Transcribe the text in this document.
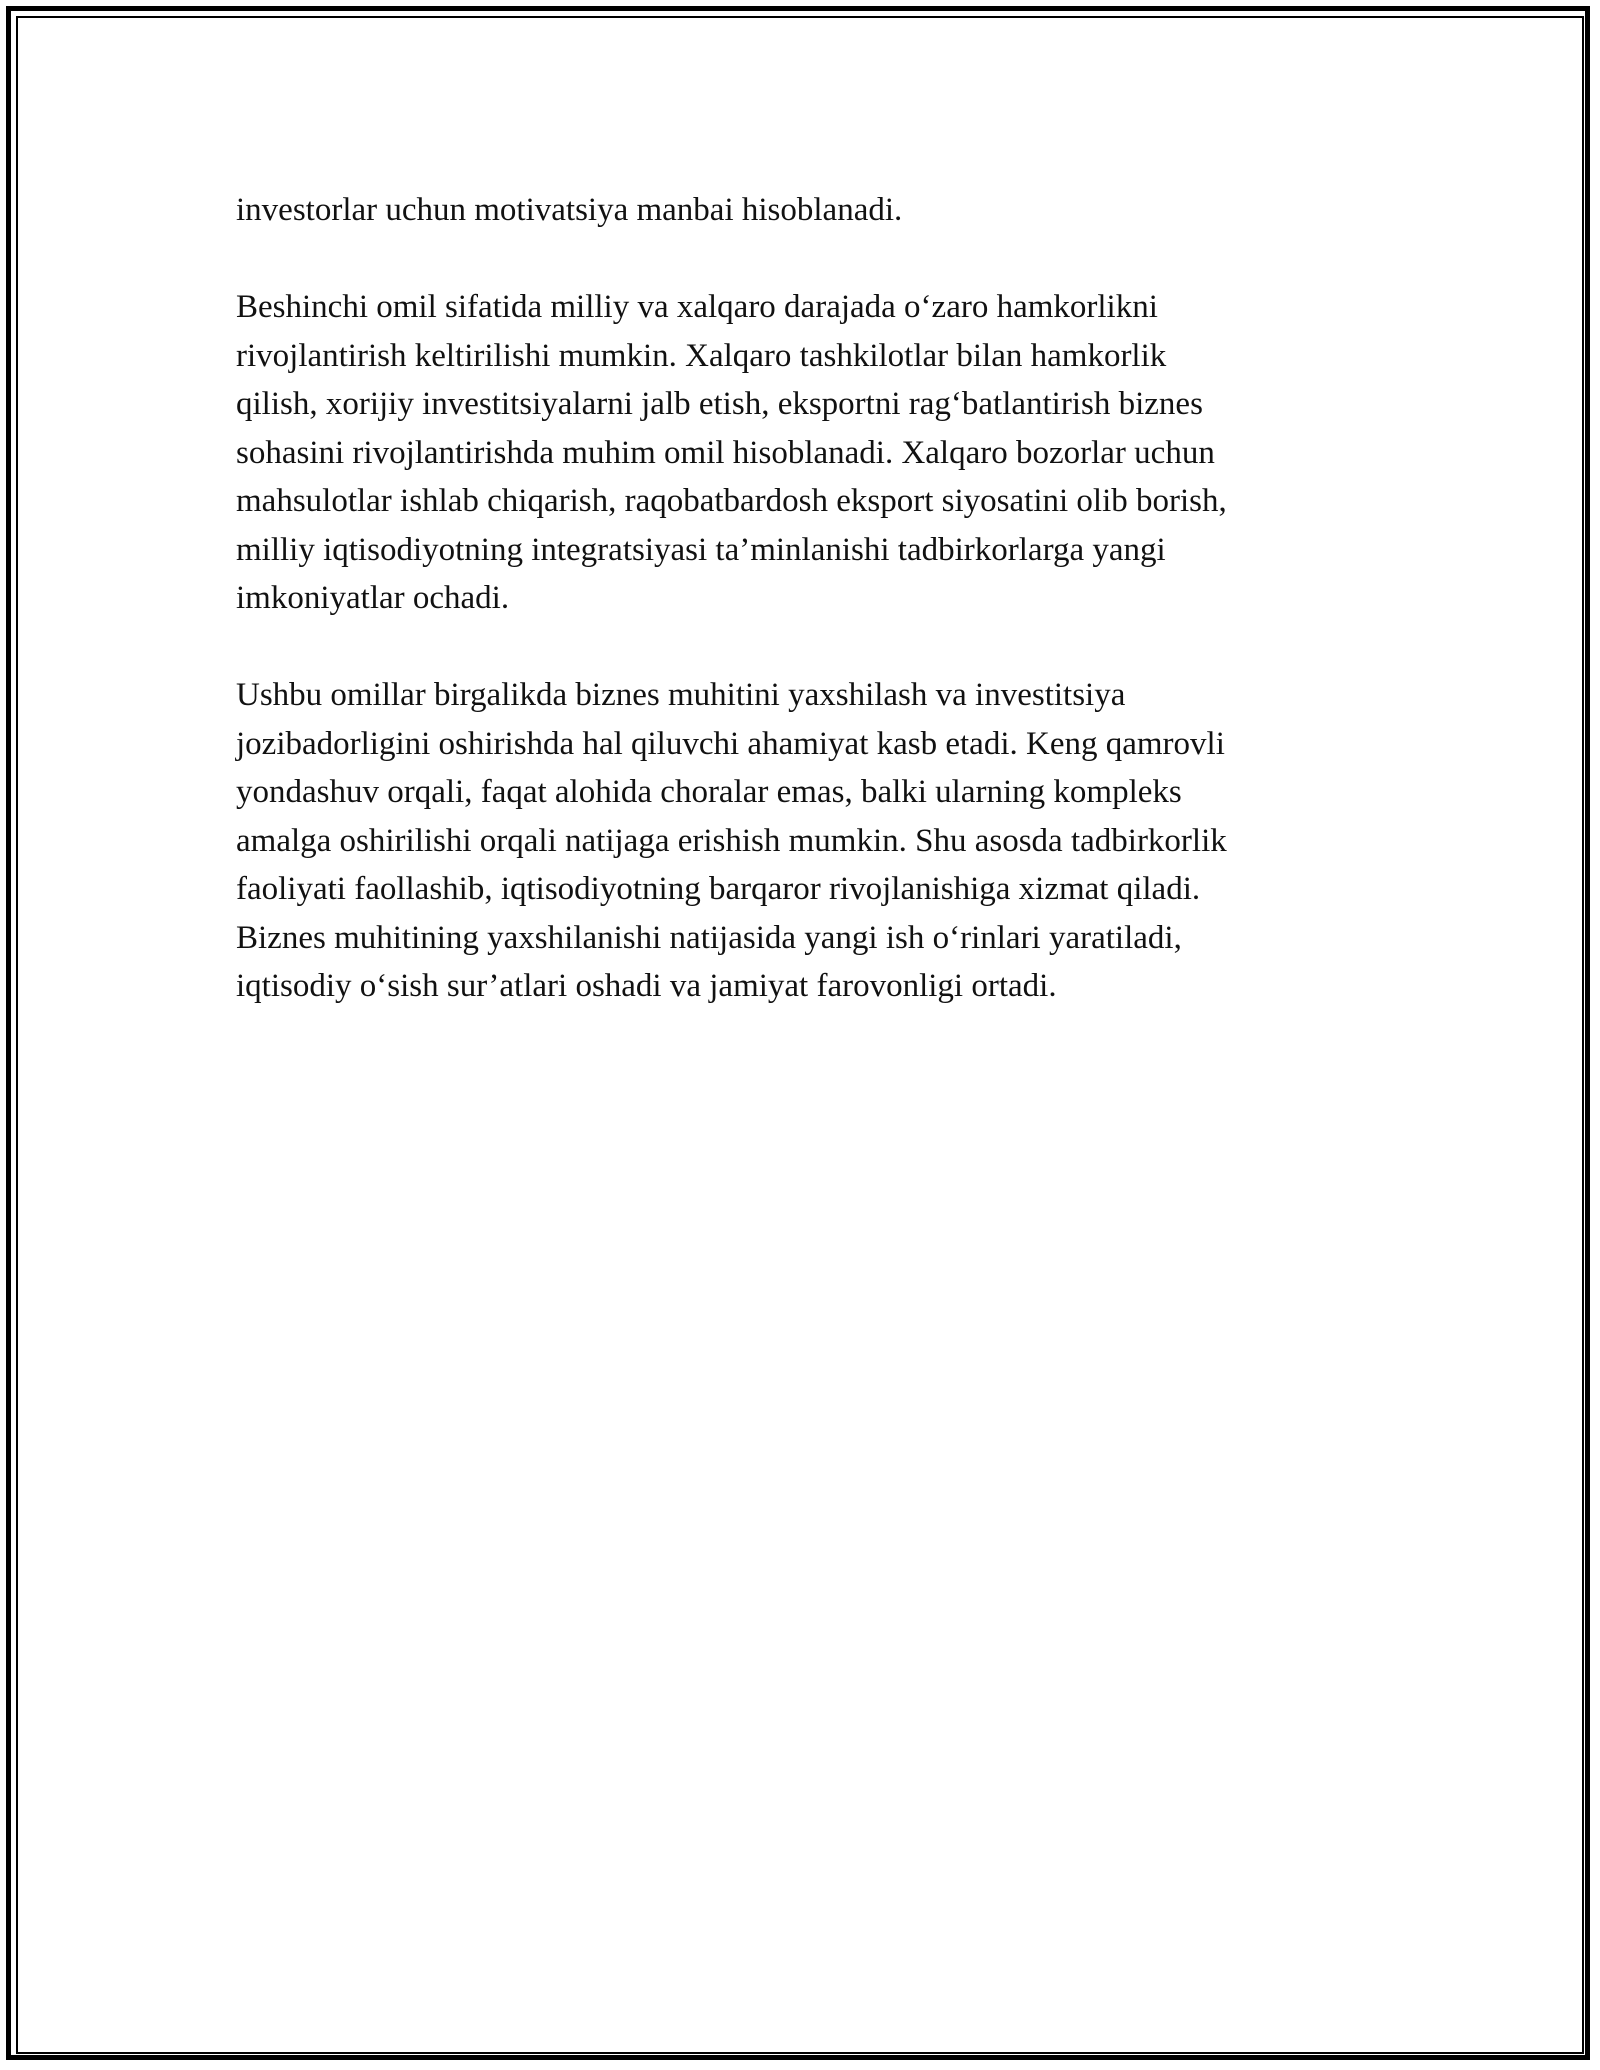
investorlar uchun motivatsiya manbai hisoblanadi.

Beshinchi omil sifatida milliy va xalqaro darajada o‘zaro hamkorlikni
rivojlantirish keltirilishi mumkin. Xalqaro tashkilotlar bilan hamkorlik
qilish, xorijiy investitsiyalarni jalb etish, eksportni rag‘batlantirish biznes
sohasini rivojlantirishda muhim omil hisoblanadi. Xalqaro bozorlar uchun
mahsulotlar ishlab chiqarish, raqobatbardosh eksport siyosatini olib borish,
milliy iqtisodiyotning integratsiyasi ta’minlanishi tadbirkorlarga yangi
imkoniyatlar ochadi.

Ushbu omillar birgalikda biznes muhitini yaxshilash va investitsiya
jozibadorligini oshirishda hal qiluvchi ahamiyat kasb etadi. Keng qamrovli
yondashuv orqali, faqat alohida choralar emas, balki ularning kompleks
amalga oshirilishi orqali natijaga erishish mumkin. Shu asosda tadbirkorlik
faoliyati faollashib, iqtisodiyotning barqaror rivojlanishiga xizmat qiladi.
Biznes muhitining yaxshilanishi natijasida yangi ish o‘rinlari yaratiladi,
iqtisodiy o‘sish sur’atlari oshadi va jamiyat farovonligi ortadi.
